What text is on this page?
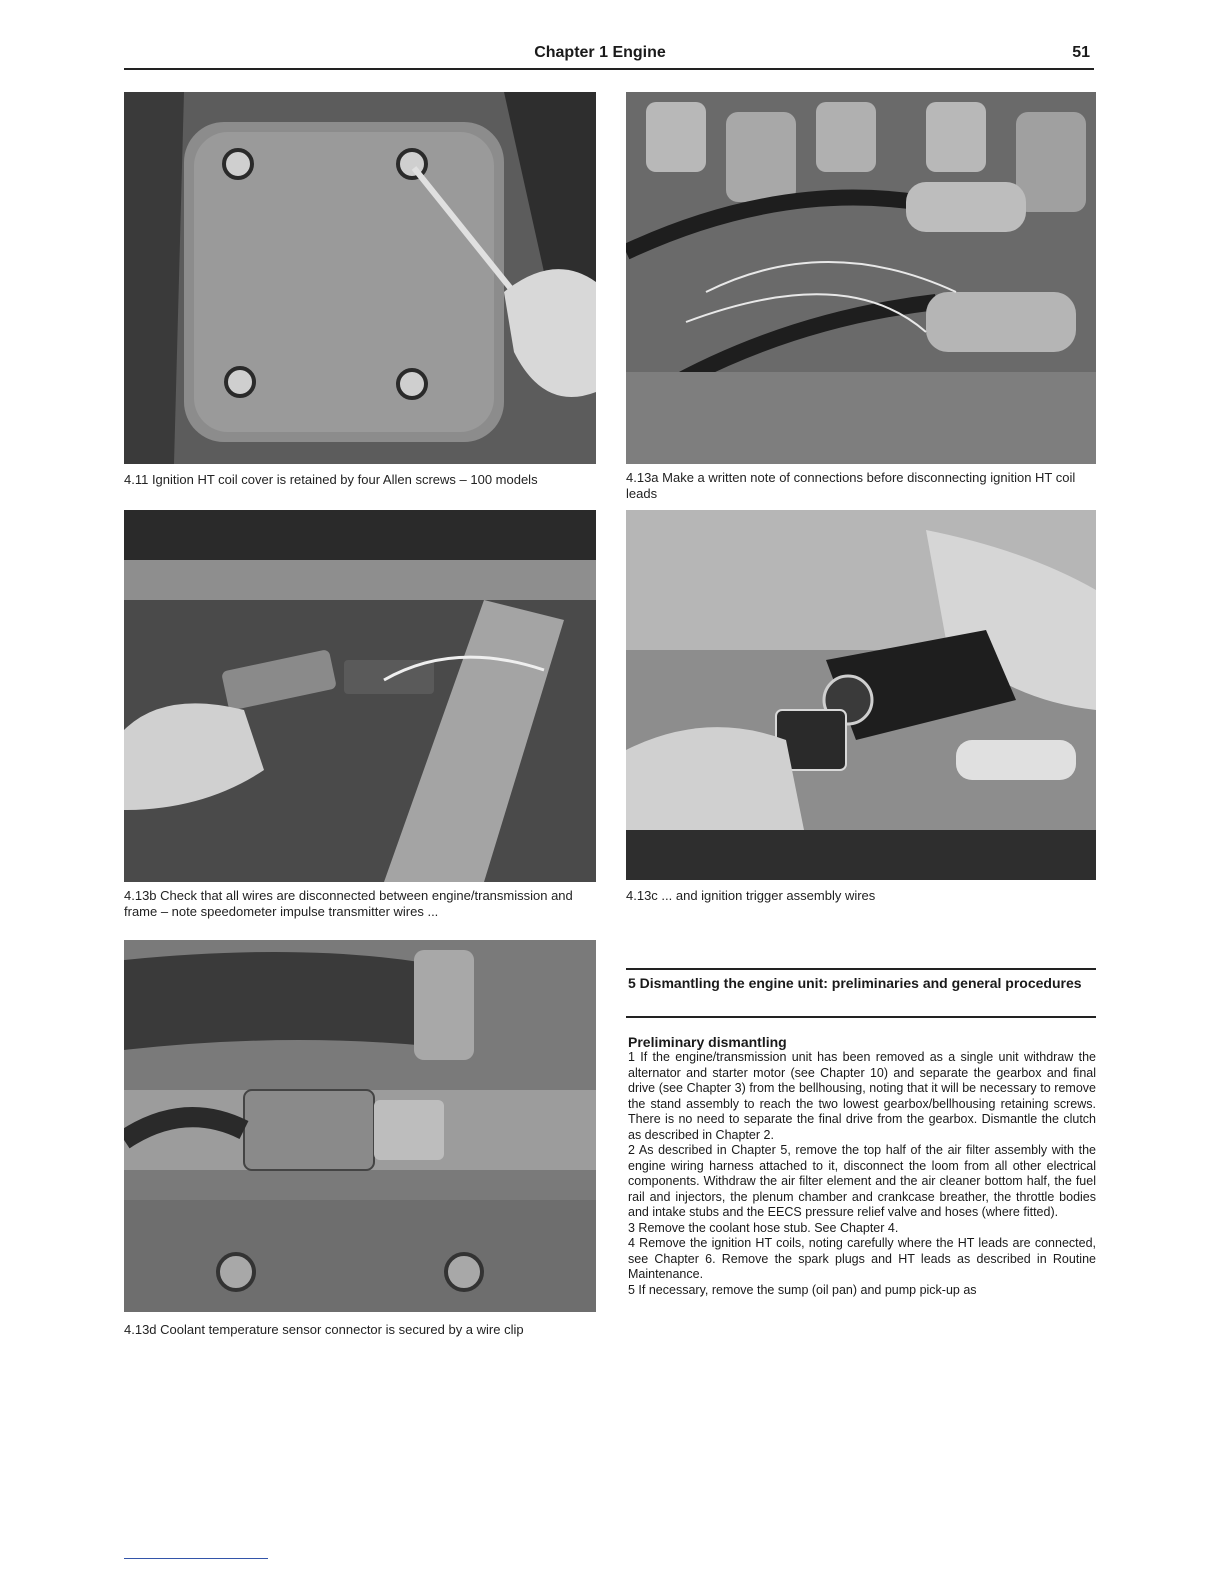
Chapter 1 Engine	51
4.11 Ignition HT coil cover is retained by four Allen screws – 100 models	4.13a Make a written note of connections before disconnecting ignition HT coil leads
4.13b Check that all wires are disconnected between engine/transmission and frame – note speedometer impulse transmitter wires ...
4.13c ... and ignition trigger assembly wires
4.13d Coolant temperature sensor connector is secured by a wire clip
5 Dismantling the engine unit: preliminaries and general procedures
Preliminary dismantling

1 If the engine/transmission unit has been removed as a single unit withdraw the alternator and starter motor (see Chapter 10) and separate the gearbox and final drive (see Chapter 3) from the bellhousing, noting that it will be necessary to remove the stand assembly to reach the two lowest gearbox/bellhousing retaining screws. There is no need to separate the final drive from the gearbox. Dismantle the clutch as described in Chapter 2.

2 As described in Chapter 5, remove the top half of the air filter assembly with the engine wiring harness attached to it, disconnect the loom from all other electrical components. Withdraw the air filter element and the air cleaner bottom half, the fuel rail and injectors, the plenum chamber and crankcase breather, the throttle bodies and intake stubs and the EECS pressure relief valve and hoses (where fitted).

3 Remove the coolant hose stub. See Chapter 4.

4 Remove the ignition HT coils, noting carefully where the HT leads are connected, see Chapter 6. Remove the spark plugs and HT leads as described in Routine Maintenance.

5 If necessary, remove the sump (oil pan) and pump pick-up as
